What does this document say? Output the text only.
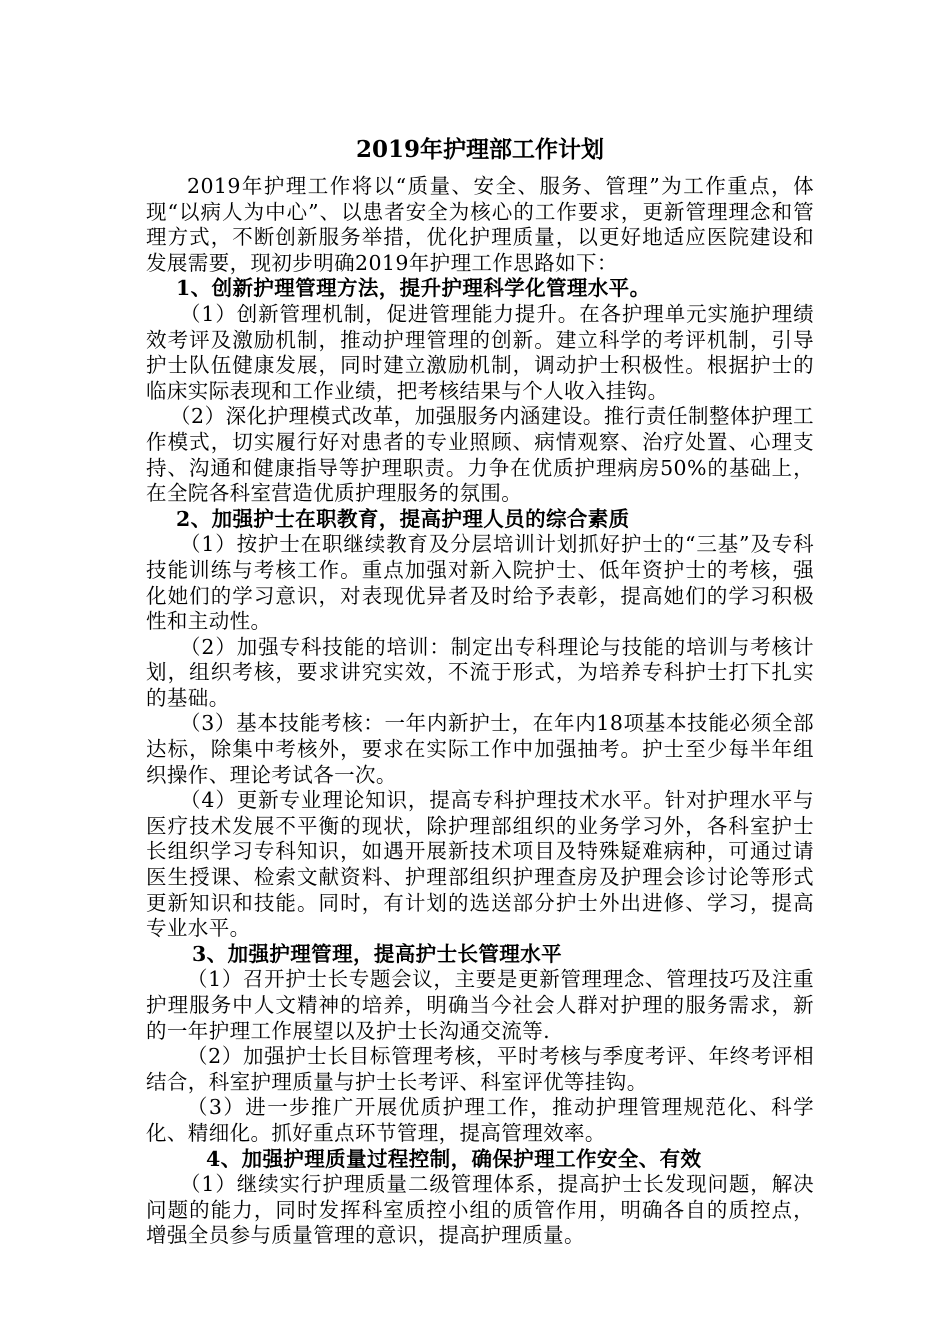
2019年护理部工作计划

2019年护理工作将以“质量、安全、服务、管理”为工作重点，体现“以病人为中心”、以患者安全为核心的工作要求，更新管理理念和管理方式，不断创新服务举措，优化护理质量，以更好地适应医院建设和发展需要，现初步明确2019年护理工作思路如下：

1、创新护理管理方法，提升护理科学化管理水平。

（1）创新管理机制，促进管理能力提升。在各护理单元实施护理绩效考评及激励机制，推动护理管理的创新。建立科学的考评机制，引导护士队伍健康发展，同时建立激励机制，调动护士积极性。根据护士的临床实际表现和工作业绩，把考核结果与个人收入挂钩。

（2）深化护理模式改革，加强服务内涵建设。推行责任制整体护理工作模式，切实履行好对患者的专业照顾、病情观察、治疗处置、心理支持、沟通和健康指导等护理职责。力争在优质护理病房50%的基础上，在全院各科室营造优质护理服务的氛围。

2、加强护士在职教育，提高护理人员的综合素质

（1）按护士在职继续教育及分层培训计划抓好护士的“三基”及专科技能训练与考核工作。重点加强对新入院护士、低年资护士的考核，强化她们的学习意识，对表现优异者及时给予表彰，提高她们的学习积极性和主动性。

（2）加强专科技能的培训：制定出专科理论与技能的培训与考核计划，组织考核，要求讲究实效，不流于形式，为培养专科护士打下扎实的基础。

（3）基本技能考核：一年内新护士，在年内18项基本技能必须全部达标，除集中考核外，要求在实际工作中加强抽考。护士至少每半年组织操作、理论考试各一次。

（4）更新专业理论知识，提高专科护理技术水平。针对护理水平与医疗技术发展不平衡的现状，除护理部组织的业务学习外，各科室护士长组织学习专科知识，如遇开展新技术项目及特殊疑难病种，可通过请医生授课、检索文献资料、护理部组织护理查房及护理会诊讨论等形式更新知识和技能。同时，有计划的选送部分护士外出进修、学习，提高专业水平。

3、加强护理管理，提高护士长管理水平

（1）召开护士长专题会议，主要是更新管理理念、管理技巧及注重护理服务中人文精神的培养，明确当今社会人群对护理的服务需求，新的一年护理工作展望以及护士长沟通交流等.

（2）加强护士长目标管理考核，平时考核与季度考评、年终考评相结合，科室护理质量与护士长考评、科室评优等挂钩。

（3）进一步推广开展优质护理工作，推动护理管理规范化、科学化、精细化。抓好重点环节管理，提高管理效率。

4、加强护理质量过程控制，确保护理工作安全、有效

（1）继续实行护理质量二级管理体系，提高护士长发现问题，解决问题的能力，同时发挥科室质控小组的质管作用，明确各自的质控点，增强全员参与质量管理的意识，提高护理质量。
